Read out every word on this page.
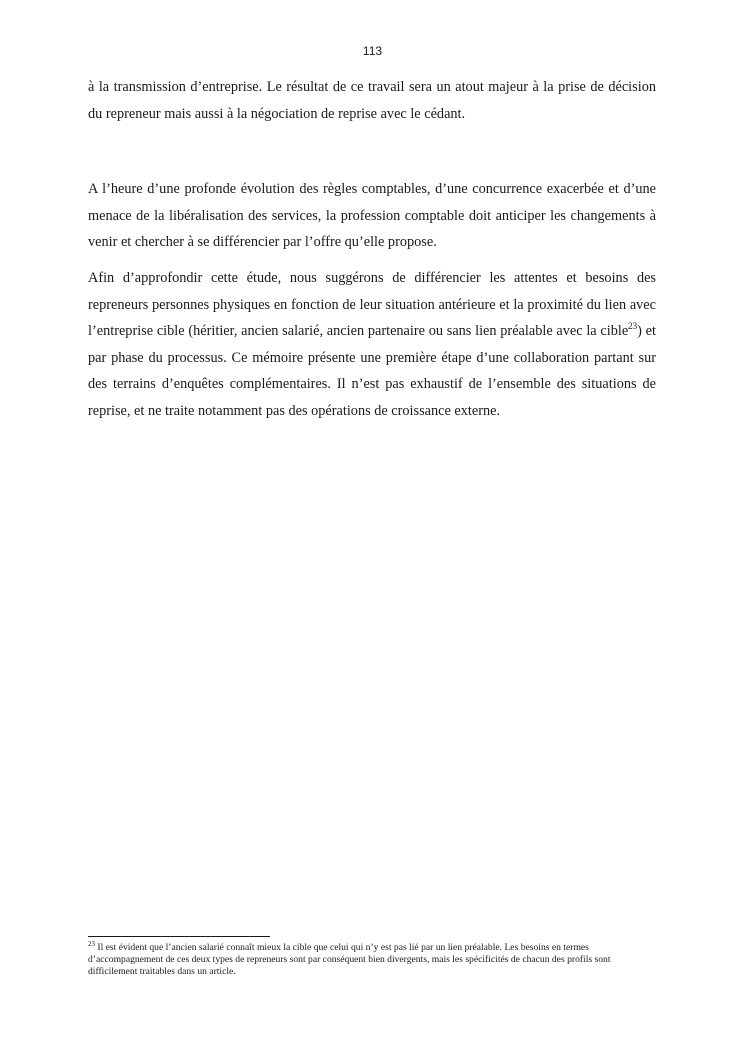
113

à la transmission d’entreprise. Le résultat de ce travail sera un atout majeur à la prise de décision du repreneur mais aussi à la négociation de reprise avec le cédant.

A l’heure d’une profonde évolution des règles comptables, d’une concurrence exacerbée et d’une menace de la libéralisation des services, la profession comptable doit anticiper les changements à venir et chercher à se différencier par l’offre qu’elle propose.

Afin d’approfondir cette étude, nous suggérons de différencier les attentes et besoins des repreneurs personnes physiques en fonction de leur situation antérieure et la proximité du lien avec l’entreprise cible (héritier, ancien salarié, ancien partenaire ou sans lien préalable avec la cible$^{23}$) et par phase du processus. Ce mémoire présente une première étape d’une collaboration partant sur des terrains d’enquêtes complémentaires. Il n’est pas exhaustif de l’ensemble des situations de reprise, et ne traite notamment pas des opérations de croissance externe.

$^{23}$ Il est évident que l’ancien salarié connaît mieux la cible que celui qui n’y est pas lié par un lien préalable. Les besoins en termes d’accompagnement de ces deux types de repreneurs sont par conséquent bien divergents, mais les spécificités de chacun des profils sont difficilement traitables dans un article.
